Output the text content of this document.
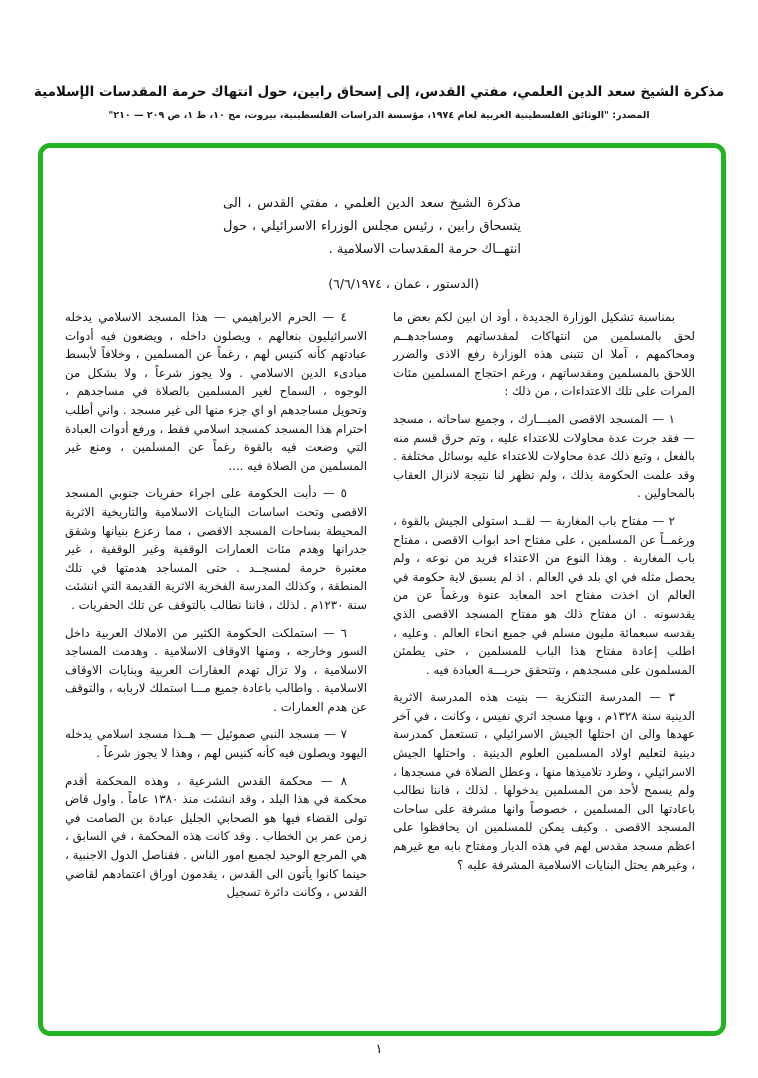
مذكرة الشيخ سعد الدين العلمي، مفتي القدس، إلى إسحاق رابين، حول انتهاك حرمة المقدسات الإسلامية
المصدر: "الوثائق الفلسطينية العربية لعام ١٩٧٤، مؤسسة الدراسات الفلسطينية، بيروت، مج ١٠، ط ١، ص ٢٠٩ — ٢١٠"
مذكرة الشيخ سعد الدين العلمي ، مفتي القدس ، الى يتسحاق رابين ، رئيس مجلس الوزراء الاسرائيلي ، حول انتهــاك حرمة المقدسات الاسلامية .
(الدستور ، عمان ، ٦/٦/١٩٧٤)

بمناسبة تشكيل الوزارة الجديدة ، أود ان ابين لكم بعض ما لحق بالمسلمين من انتهاكات لمقدساتهم ومساجدهــم ومحاكمهم ، آملا ان تتبنى هذه الوزارة رفع الاذى والضرر اللاحق بالمسلمين ومقدساتهم ، ورغم احتجاج المسلمين مئات المرات على تلك الاعتداءات ، من ذلك :

١ — المسجد الاقصى المبـــارك ، وجميع ساحاته ، مسجد — فقد جرت عدة محاولات للاعتداء عليه ، وتم حرق قسم منه بالفعل ، وتبع ذلك عدة محاولات للاعتداء عليه بوسائل مختلفة . وقد علمت الحكومة بذلك ، ولم تظهر لنا نتيجة لانزال العقاب بالمحاولين .

٢ — مفتاح باب المغاربة — لقــد استولى الجيش بالقوة ، ورغمــاً عن المسلمين ، على مفتاح احد ابواب الاقصى ، مفتاح باب المغاربة . وهذا النوع من الاعتداء فريد من نوعه ، ولم يحصل مثله في اي بلد في العالم . اذ لم يسبق لاية حكومة في العالم ان اخذت مفتاح احد المعابد عنوة ورغماً عن من يقدسونه . ان مفتاح ذلك هو مفتاح المسجد الاقصى الذي يقدسه سبعمائة مليون مسلم في جميع انحاء العالم . وعليه ، اطلب إعادة مفتاح هذا الباب للمسلمين ، حتى يطمئن المسلمون على مسجدهم ، وتتحقق حريـــة العبادة فيه .

٣ — المدرسة التنكزية — بنيت هذه المدرسة الاثرية الدينية سنة ١٣٢٨م ، وبها مسجد اثري نفيس ، وكانت ، في آخر عهدها والى ان احتلها الجيش الاسرائيلي ، تستعمل كمدرسة دينية لتعليم اولاد المسلمين العلوم الدينية . واحتلها الجيش الاسرائيلي ، وطرد تلاميذها منها ، وعطل الصلاة في مسجدها ، ولم يسمح لأحد من المسلمين بدخولها . لذلك ، فاننا نطالب باعادتها الى المسلمين ، خصوصاً وانها مشرفة على ساحات المسجد الاقصى . وكيف يمكن للمسلمين ان يحافظوا على اعظم مسجد مقدس لهم في هذه الديار ومفتاح بابه مع غيرهم ، وغيرهم يحتل البنايات الاسلامية المشرفة عليه ؟

٤ — الحرم الابراهيمي — هذا المسجد الاسلامي يدخله الاسرائيليون بنعالهم ، ويصلون داخله ، ويضعون فيه أدوات عبادتهم كأنه كنيس لهم ، رغماً عن المسلمين ، وخلافاً لأبسط مبادىء الدين الاسلامي . ولا يجوز شرعاً ، ولا بشكل من الوجوه ، السماح لغير المسلمين بالصلاة في مساجدهم ، وتحويل مساجدهم او اي جزء منها الى غير مسجد . واني أطلب احترام هذا المسجد كمسجد اسلامي فقط ، ورفع أدوات العبادة التي وضعت فيه بالقوة رغماً عن المسلمين ، ومنع غير المسلمين من الصلاة فيه ....

٥ — دأبت الحكومة على اجراء حفريات جنوبي المسجد الاقصى وتحت اساسات البنايات الاسلامية والتاريخية الاثرية المحيطة بساحات المسجد الاقصى ، مما زعزع بنيانها وشقق جدرانها وهدم مئات العمارات الوقفية وغير الوقفية ، غير معتبرة حرمة لمسجــد . حتى المساجد هدمتها في تلك المنطقة ، وكذلك المدرسة الفخرية الاثرية القديمة التي انشئت سنة ١٢٣٠م . لذلك ، فاننا نطالب بالتوقف عن تلك الحفريات .

٦ — استملكت الحكومة الكثير من الاملاك العربية داخل السور وخارجه ، ومنها الاوقاف الاسلامية . وهدمت المساجد الاسلامية ، ولا تزال تهدم العقارات العربية وبنايات الاوقاف الاسلامية . واطالب باعادة جميع مـــا استملك لاربابه ، والتوقف عن هدم العمارات .

٧ — مسجد النبي صموئيل — هــذا مسجد اسلامي يدخله اليهود ويصلون فيه كأنه كنيس لهم ، وهذا لا يجوز شرعاً .

٨ — محكمة القدس الشرعية ، وهذه المحكمة أقدم محكمة في هذا البلد ، وقد انشئت منذ ١٣٨٠ عاماً . واول قاض تولى القضاء فيها هو الصحابي الجليل عبادة بن الصامت في زمن عمر بن الخطاب . وقد كانت هذه المحكمة ، في السابق ، هي المرجع الوحيد لجميع امور الناس . فقناصل الدول الاجنبية ، حينما كانوا يأتون الى القدس ، يقدمون اوراق اعتمادهم لقاضي القدس ، وكانت دائرة تسجيل

١
